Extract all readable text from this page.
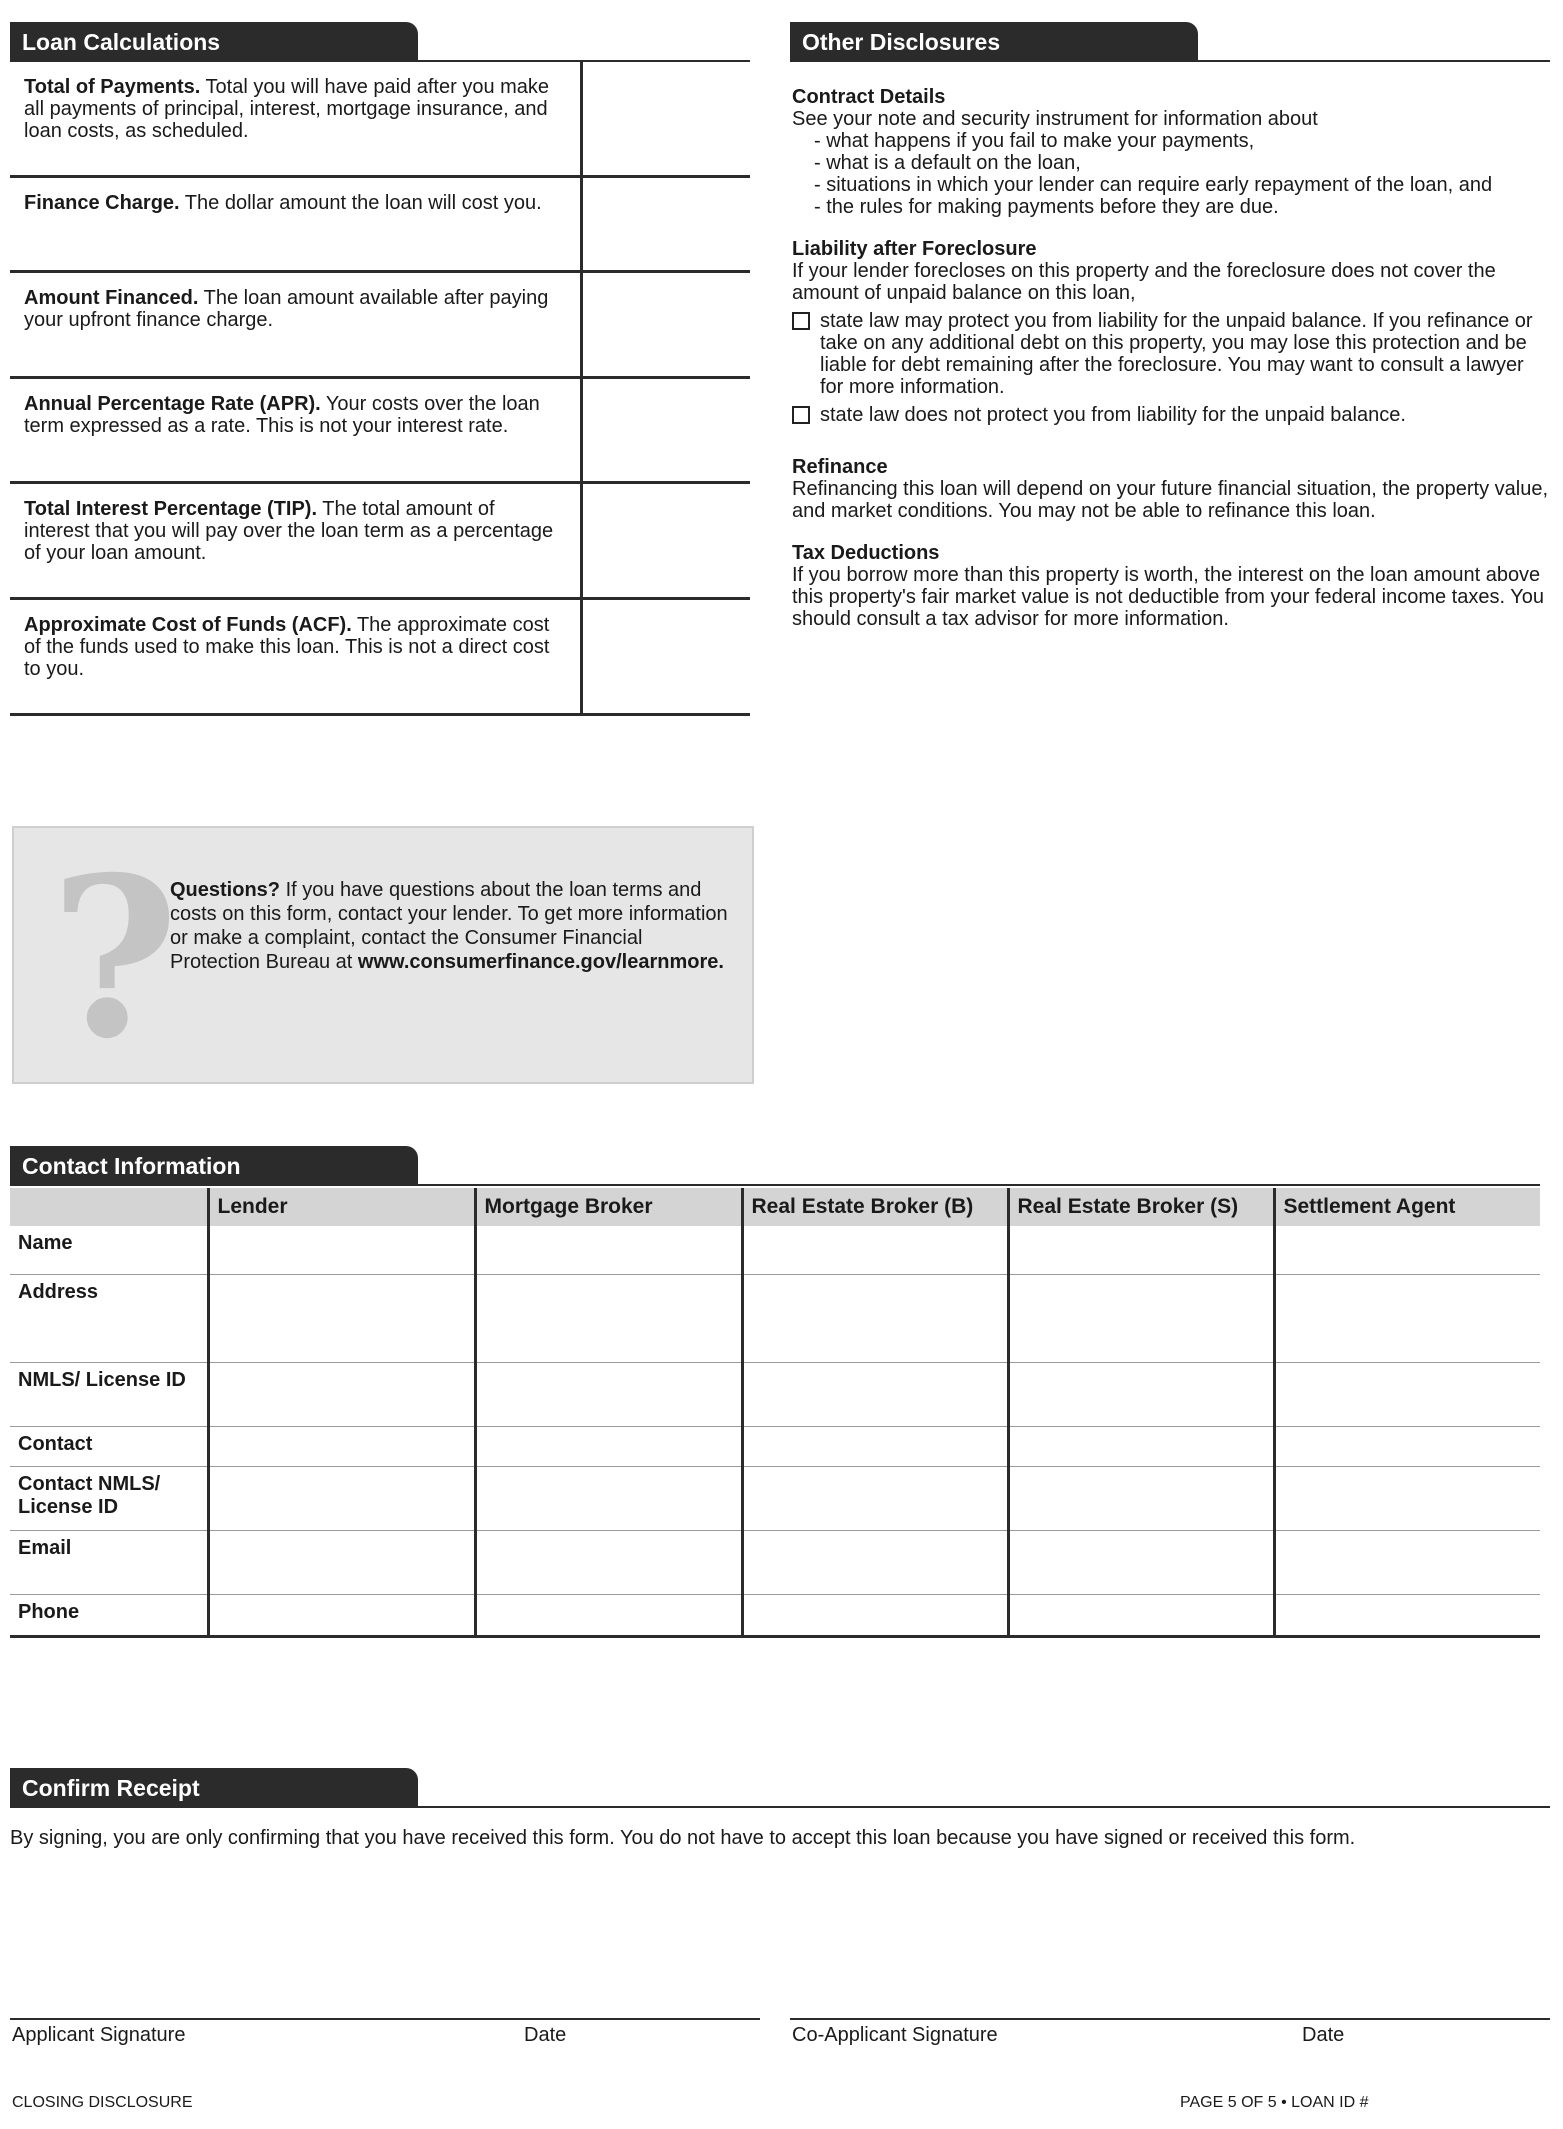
Loan Calculations
Total of Payments. Total you will have paid after you make all payments of principal, interest, mortgage insurance, and loan costs, as scheduled.
Finance Charge. The dollar amount the loan will cost you.
Amount Financed. The loan amount available after paying your upfront finance charge.
Annual Percentage Rate (APR). Your costs over the loan term expressed as a rate. This is not your interest rate.
Total Interest Percentage (TIP). The total amount of interest that you will pay over the loan term as a percentage of your loan amount.
Approximate Cost of Funds (ACF). The approximate cost of the funds used to make this loan. This is not a direct cost to you.
?
Questions? If you have questions about the loan terms and costs on this form, contact your lender. To get more information or make a complaint, contact the Consumer Financial Protection Bureau at www.consumerfinance.gov/learnmore.
Other Disclosures
Contract Details

See your note and security instrument for information about

- what happens if you fail to make your payments,
- what is a default on the loan,
- situations in which your lender can require early repayment of the loan, and
- the rules for making payments before they are due.
Liability after Foreclosure

If your lender forecloses on this property and the foreclosure does not cover the amount of unpaid balance on this loan,

state law may protect you from liability for the unpaid balance. If you refinance or take on any additional debt on this property, you may lose this protection and be liable for debt remaining after the foreclosure. You may want to consult a lawyer for more information.
state law does not protect you from liability for the unpaid balance.
Refinance

Refinancing this loan will depend on your future financial situation, the property value, and market conditions. You may not be able to refinance this loan.

Tax Deductions

If you borrow more than this property is worth, the interest on the loan amount above this property's fair market value is not deductible from your federal income taxes. You should consult a tax advisor for more information.

Contact Information
	Lender	Mortgage Broker	Real Estate Broker (B)	Real Estate Broker (S)	Settlement Agent
Name					
Address					
NMLS/ License ID					
Contact					
Contact NMLS/ License ID					
Email					
Phone					
Confirm Receipt
By signing, you are only confirming that you have received this form. You do not have to accept this loan because you have signed or received this form.
Applicant Signature	Date	Co-Applicant Signature	Date
CLOSING DISCLOSURE	PAGE 5 OF 5 • LOAN ID #
